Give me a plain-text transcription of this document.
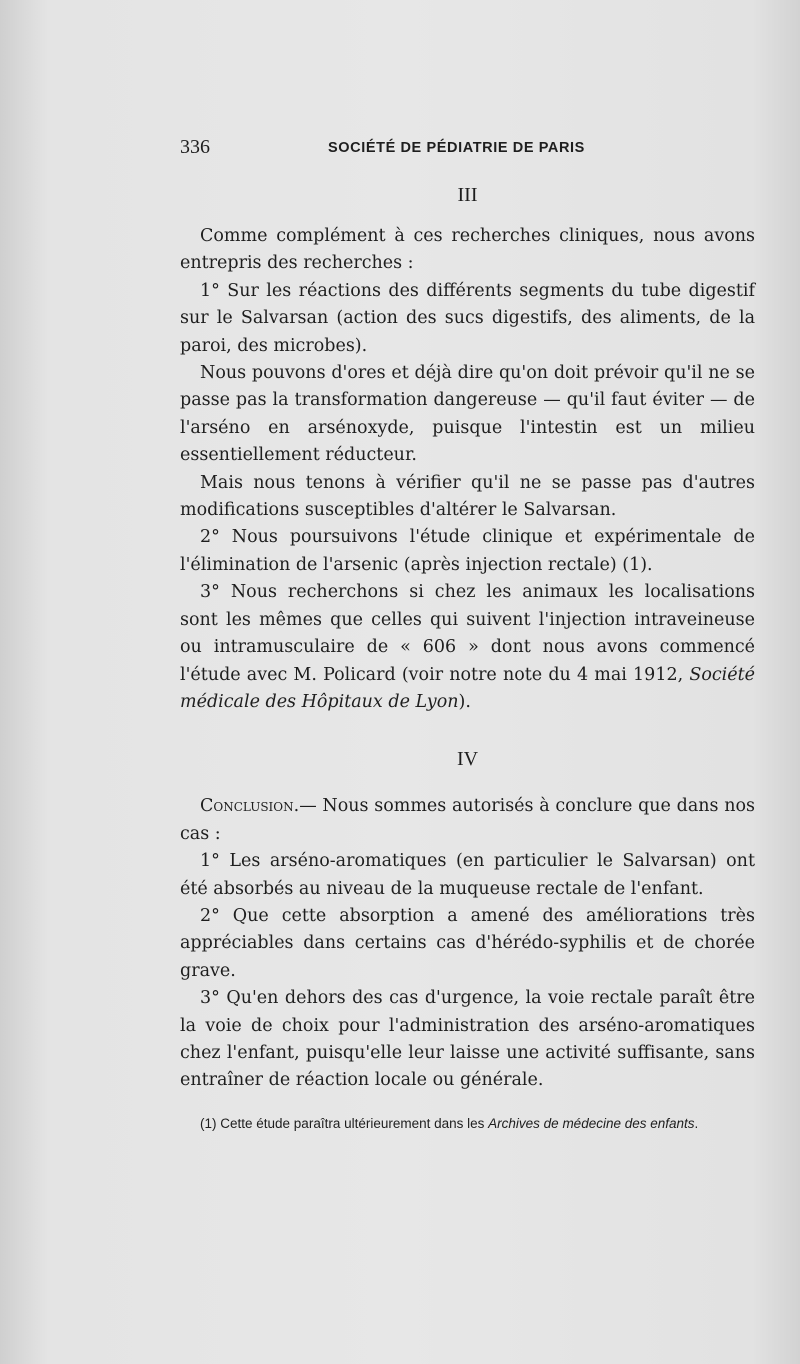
336	SOCIÉTÉ DE PÉDIATRIE DE PARIS
III

Comme complément à ces recherches cliniques, nous avons entrepris des recherches :

1° Sur les réactions des différents segments du tube digestif sur le Salvarsan (action des sucs digestifs, des aliments, de la paroi, des microbes).

Nous pouvons d'ores et déjà dire qu'on doit prévoir qu'il ne se passe pas la transformation dangereuse — qu'il faut éviter — de l'arséno en arsénoxyde, puisque l'intestin est un milieu essentiellement réducteur.

Mais nous tenons à vérifier qu'il ne se passe pas d'autres modifications susceptibles d'altérer le Salvarsan.

2° Nous poursuivons l'étude clinique et expérimentale de l'élimination de l'arsenic (après injection rectale) (1).

3° Nous recherchons si chez les animaux les localisations sont les mêmes que celles qui suivent l'injection intraveineuse ou intramusculaire de « 606 » dont nous avons commencé l'étude avec M. Policard (voir notre note du 4 mai 1912, Société médicale des Hôpitaux de Lyon).

IV

Conclusion.— Nous sommes autorisés à conclure que dans nos cas :

1° Les arséno-aromatiques (en particulier le Salvarsan) ont été absorbés au niveau de la muqueuse rectale de l'enfant.

2° Que cette absorption a amené des améliorations très appréciables dans certains cas d'hérédo-syphilis et de chorée grave.

3° Qu'en dehors des cas d'urgence, la voie rectale paraît être la voie de choix pour l'administration des arséno-aromatiques chez l'enfant, puisqu'elle leur laisse une activité suffisante, sans entraîner de réaction locale ou générale.

(1) Cette étude paraîtra ultérieurement dans les Archives de médecine des enfants.
